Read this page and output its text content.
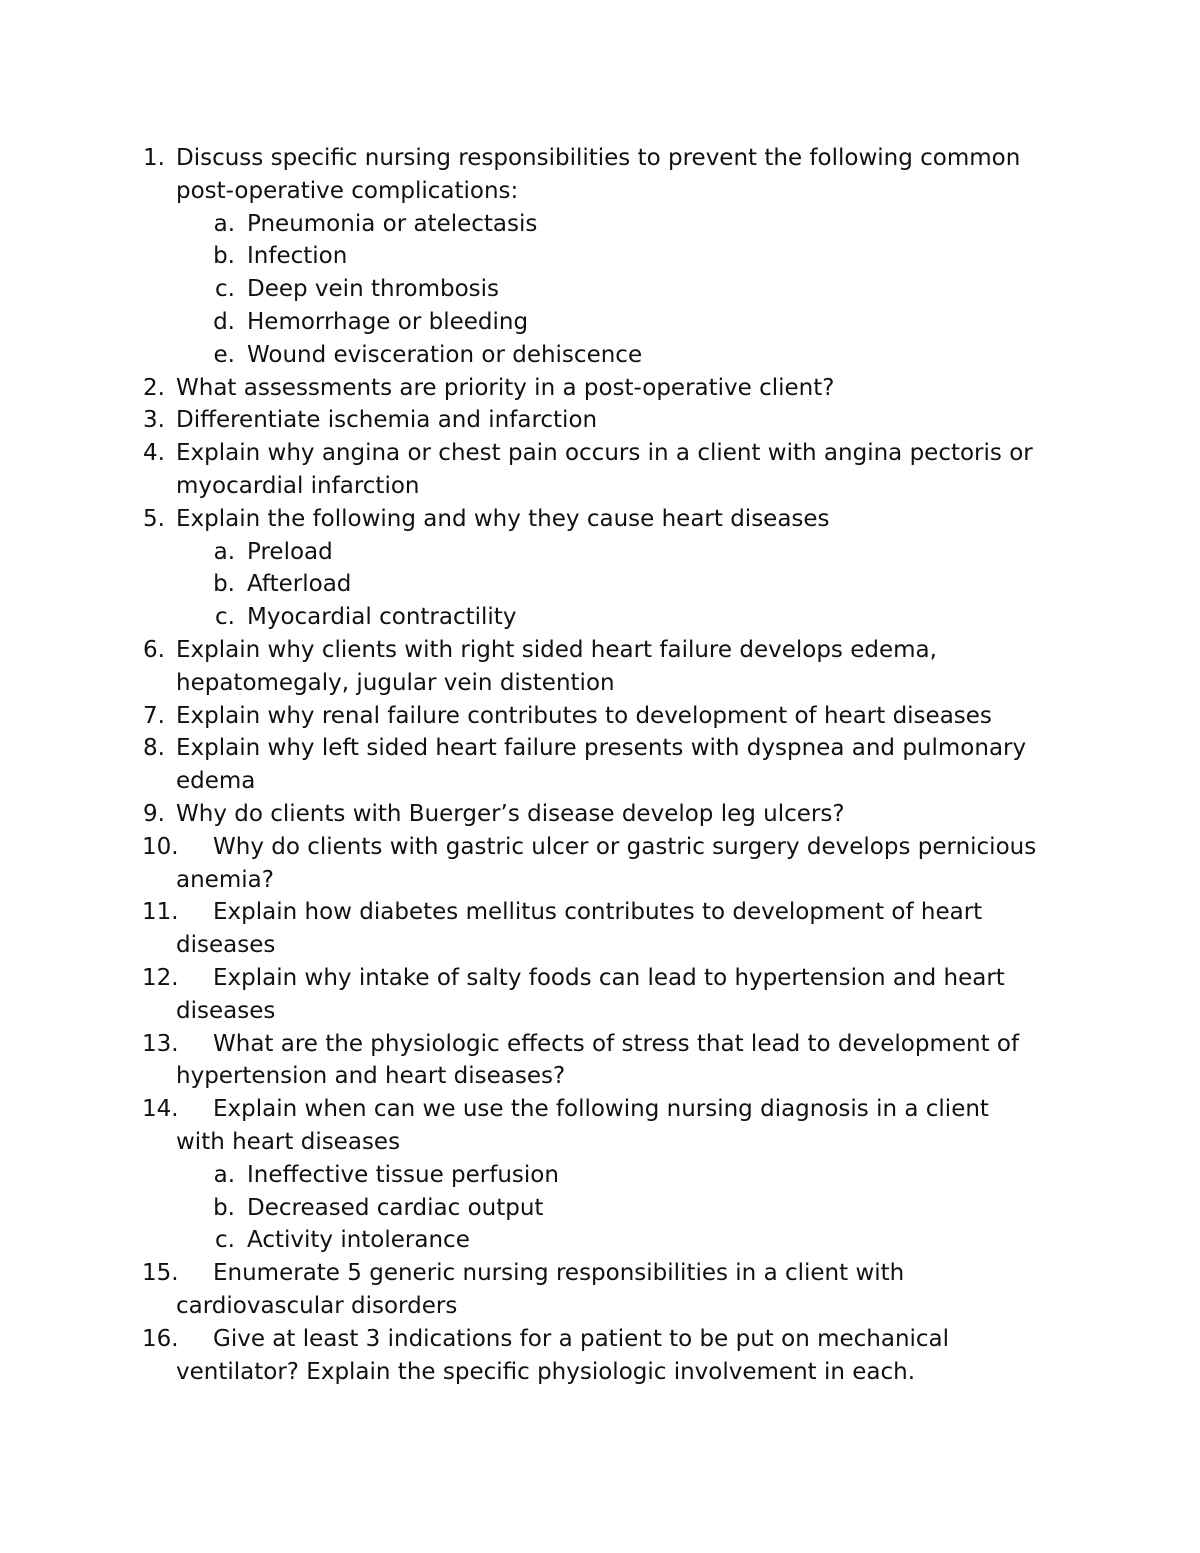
1. Discuss specific nursing responsibilities to prevent the following common
post-operative complications:
a. Pneumonia or atelectasis
b. Infection
c. Deep vein thrombosis
d. Hemorrhage or bleeding
e. Wound evisceration or dehiscence
2. What assessments are priority in a post-operative client?
3. Differentiate ischemia and infarction
4. Explain why angina or chest pain occurs in a client with angina pectoris or
myocardial infarction
5. Explain the following and why they cause heart diseases
a. Preload
b. Afterload
c. Myocardial contractility
6. Explain why clients with right sided heart failure develops edema,
hepatomegaly, jugular vein distention
7. Explain why renal failure contributes to development of heart diseases
8. Explain why left sided heart failure presents with dyspnea and pulmonary
edema
9. Why do clients with Buerger’s disease develop leg ulcers?
10. Why do clients with gastric ulcer or gastric surgery develops pernicious
anemia?
11. Explain how diabetes mellitus contributes to development of heart
diseases
12. Explain why intake of salty foods can lead to hypertension and heart
diseases
13. What are the physiologic effects of stress that lead to development of
hypertension and heart diseases?
14. Explain when can we use the following nursing diagnosis in a client
with heart diseases
a. Ineffective tissue perfusion
b. Decreased cardiac output
c. Activity intolerance
15. Enumerate 5 generic nursing responsibilities in a client with
cardiovascular disorders
16. Give at least 3 indications for a patient to be put on mechanical
ventilator? Explain the specific physiologic involvement in each.
